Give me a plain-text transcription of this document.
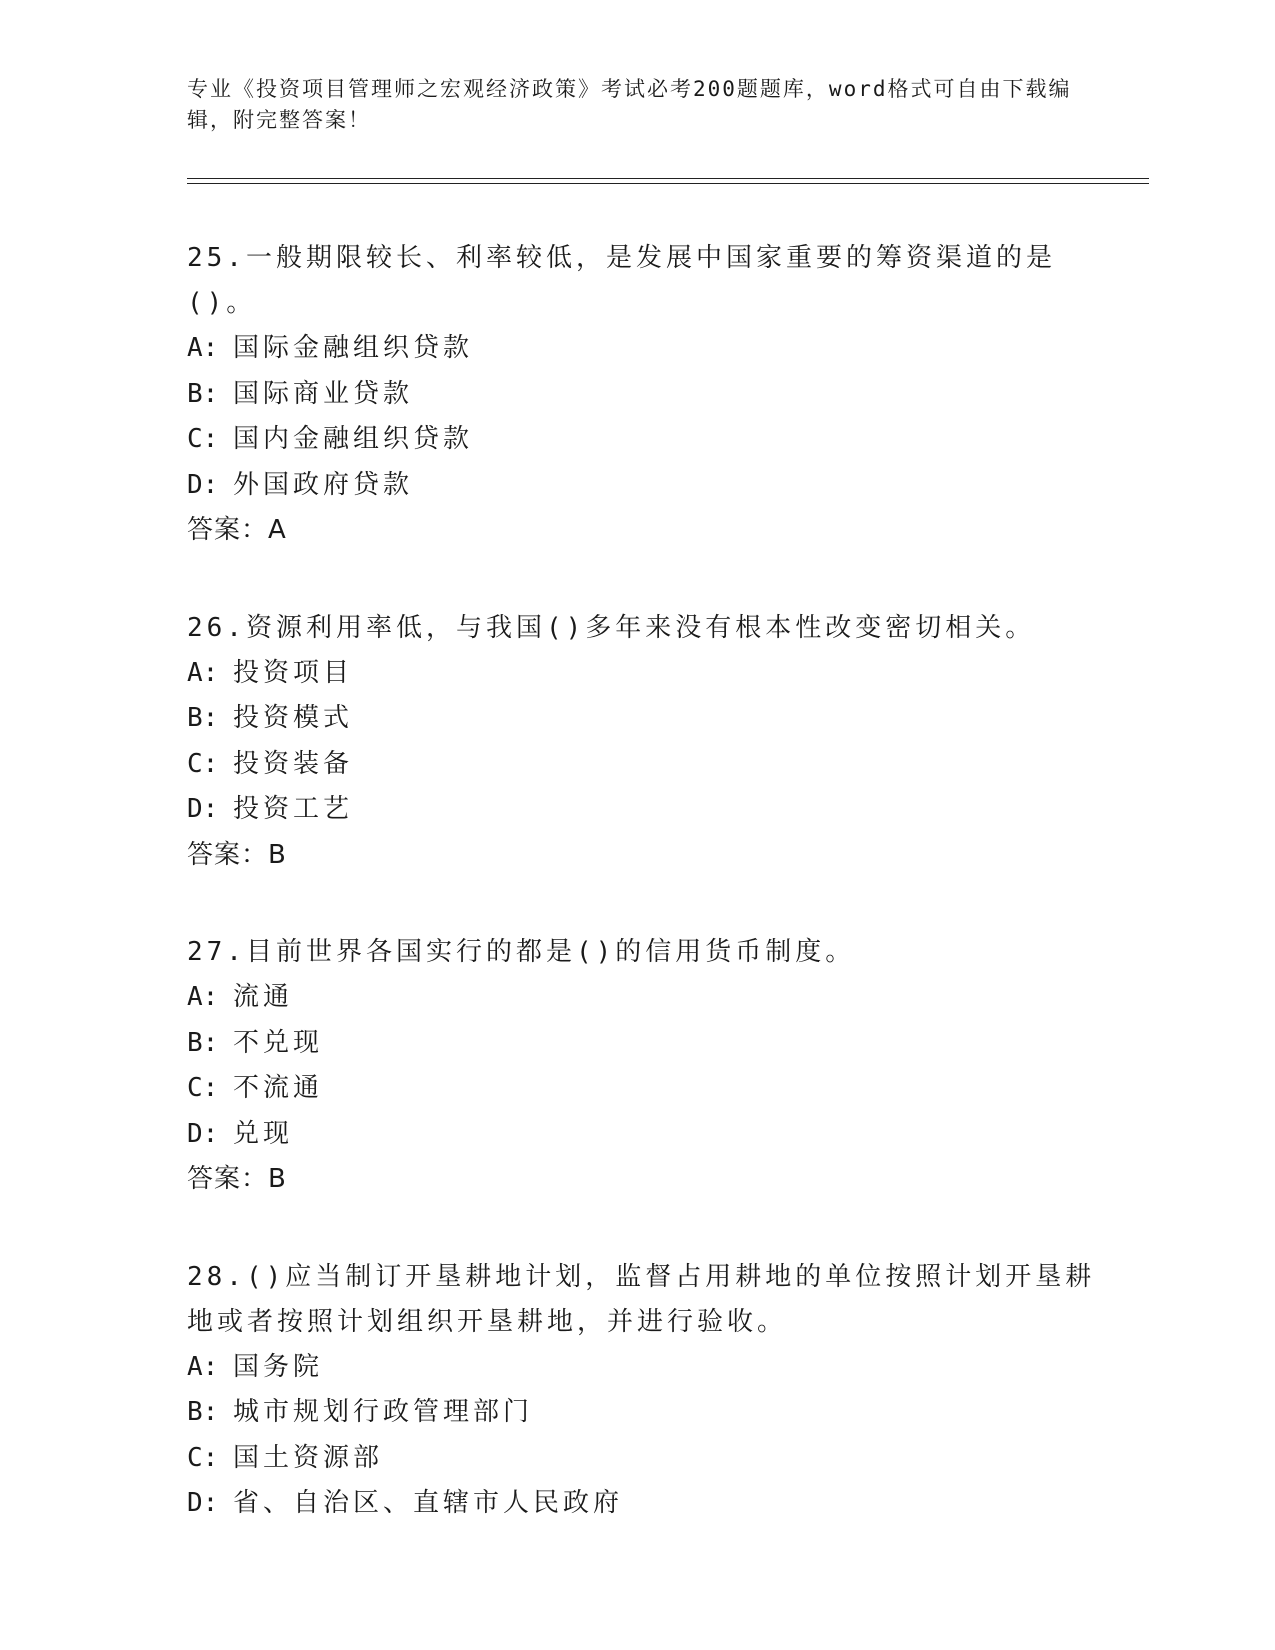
专业《投资项目管理师之宏观经济政策》考试必考200题题库，word格式可自由下载编辑，附完整答案！

25.一般期限较长、利率较低，是发展中国家重要的筹资渠道的是()。

A: 国际金融组织贷款

B: 国际商业贷款

C: 国内金融组织贷款

D: 外国政府贷款

答案：A

26.资源利用率低，与我国()多年来没有根本性改变密切相关。

A: 投资项目

B: 投资模式

C: 投资装备

D: 投资工艺

答案：B

27.目前世界各国实行的都是()的信用货币制度。

A: 流通

B: 不兑现

C: 不流通

D: 兑现

答案：B

28.()应当制订开垦耕地计划，监督占用耕地的单位按照计划开垦耕地或者按照计划组织开垦耕地，并进行验收。

A: 国务院

B: 城市规划行政管理部门

C: 国土资源部

D: 省、自治区、直辖市人民政府
